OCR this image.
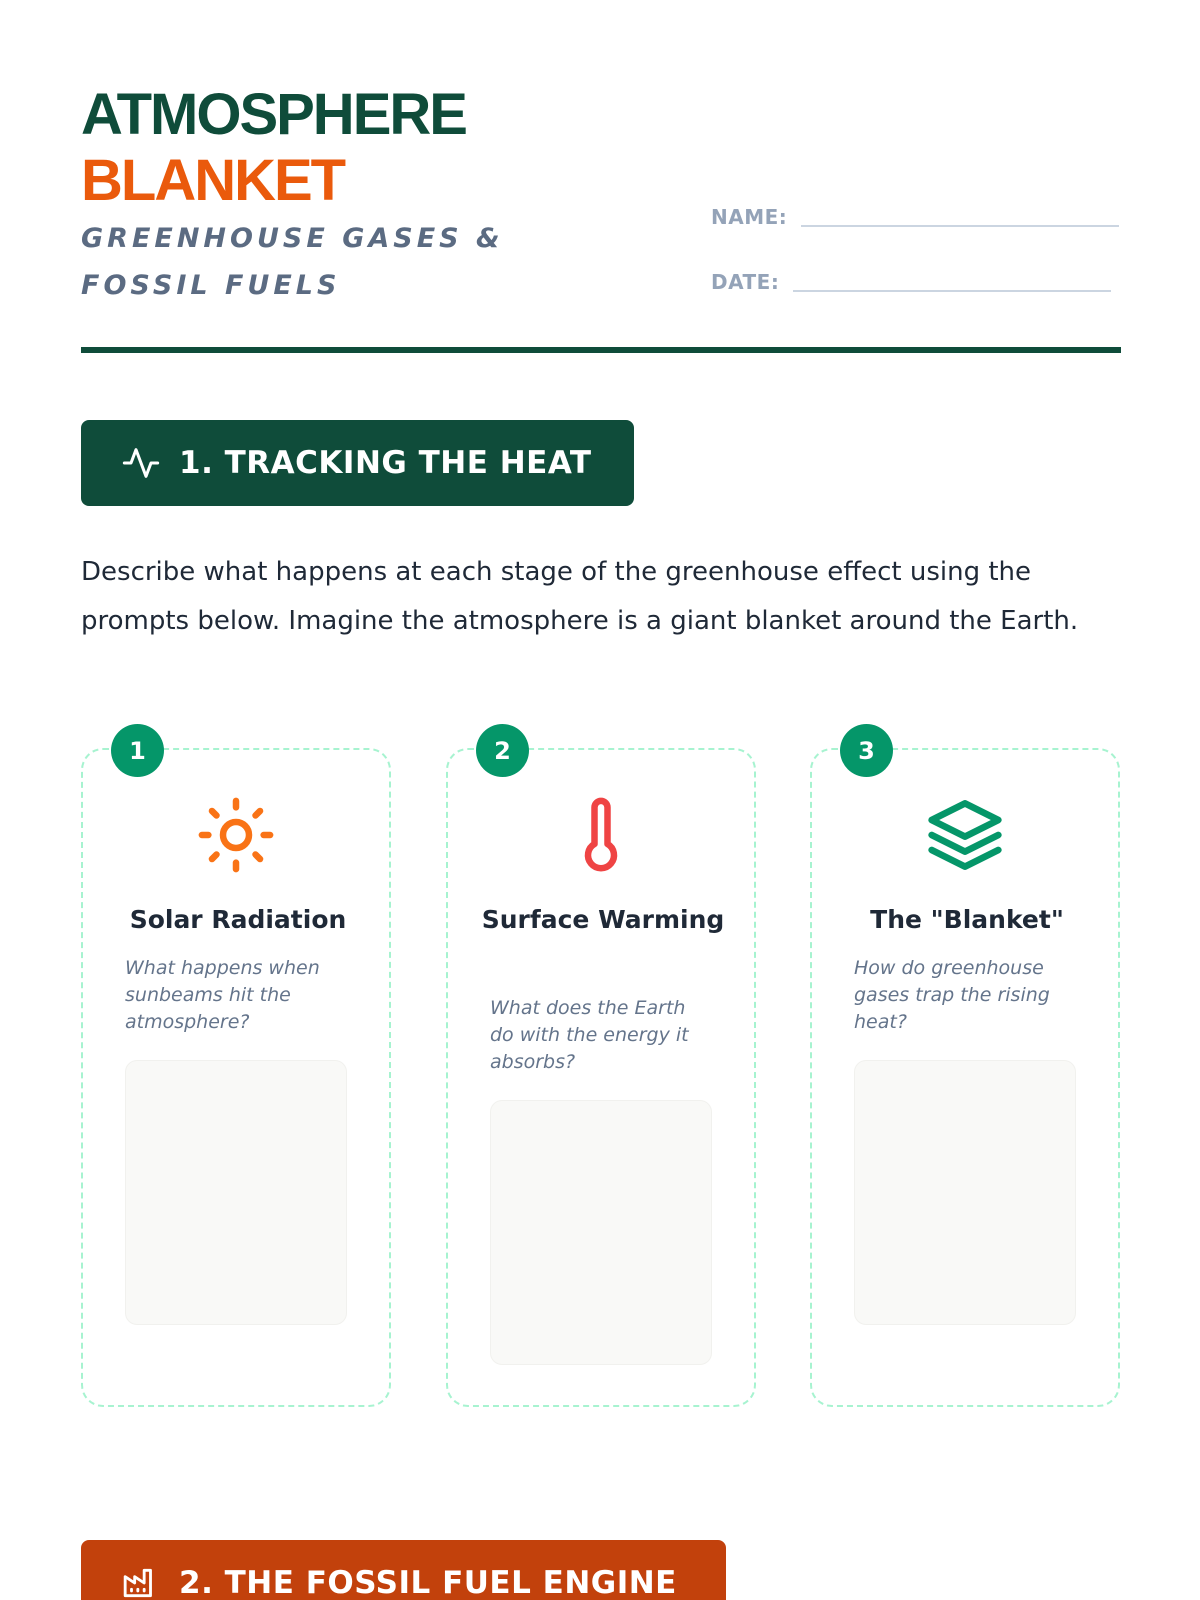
ATMOSPHERE
BLANKET
GREENHOUSE GASES & FOSSIL FUELS
NAME:
DATE:
1. TRACKING THE HEAT

Describe what happens at each stage of the greenhouse effect using the prompts below. Imagine the atmosphere is a giant blanket around the Earth.

1
Solar Radiation
What happens when sunbeams hit the atmosphere?
2
Surface Warming
What does the Earth do with the energy it absorbs?
3
The "Blanket"
How do greenhouse gases trap the rising heat?
2. THE FOSSIL FUEL ENGINE
